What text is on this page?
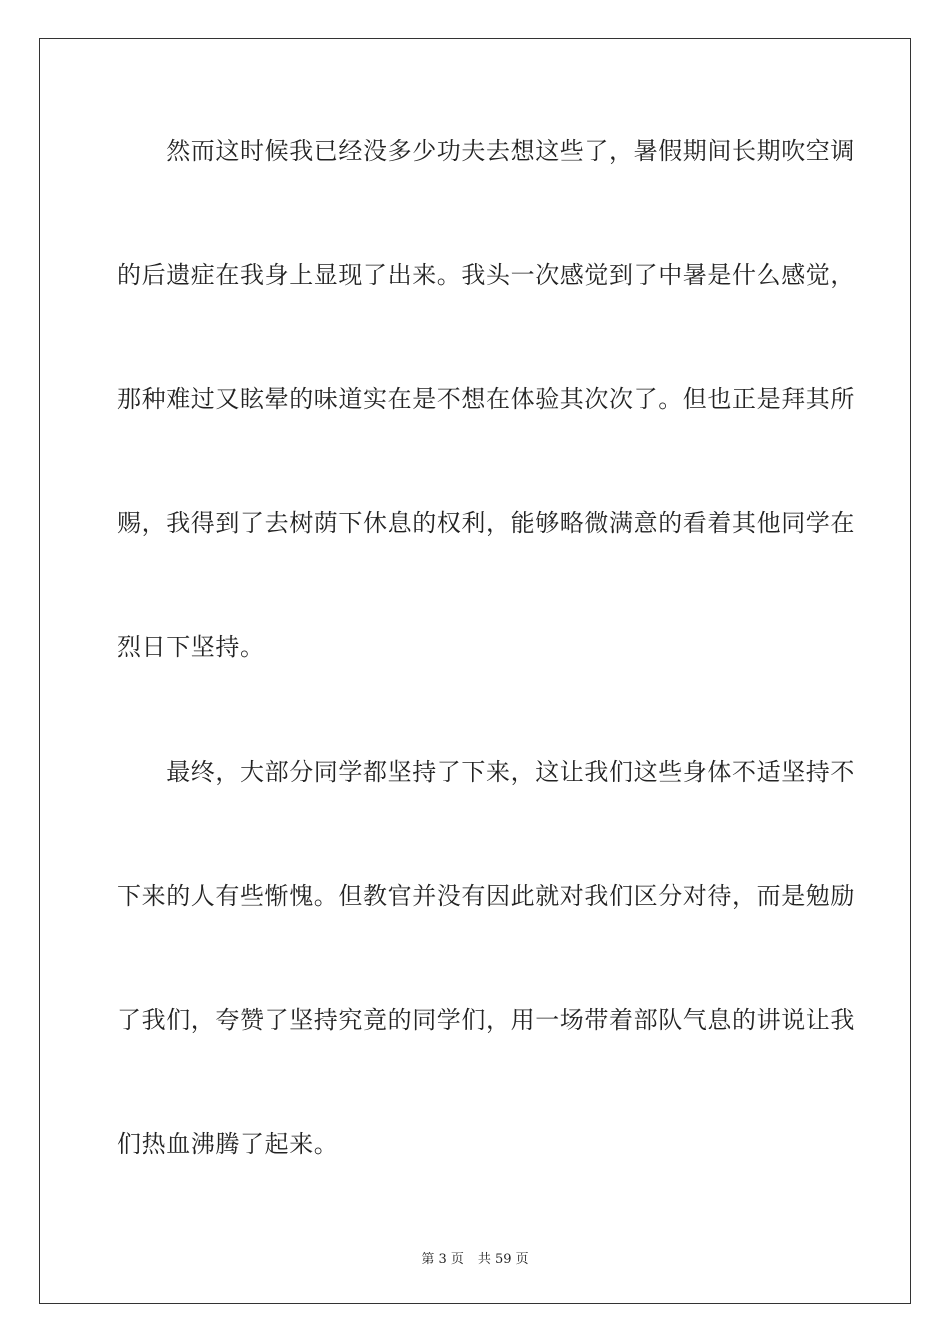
　　然而这时候我已经没多少功夫去想这些了，暑假期间长期吹空调
的后遗症在我身上显现了出来。我头一次感觉到了中暑是什么感觉，
那种难过又眩晕的味道实在是不想在体验其次次了。但也正是拜其所
赐，我得到了去树荫下休息的权利，能够略微满意的看着其他同学在
烈日下坚持。
　　最终，大部分同学都坚持了下来，这让我们这些身体不适坚持不
下来的人有些惭愧。但教官并没有因此就对我们区分对待，而是勉励
了我们，夸赞了坚持究竟的同学们，用一场带着部队气息的讲说让我
们热血沸腾了起来。
第 3 页 共 59 页
